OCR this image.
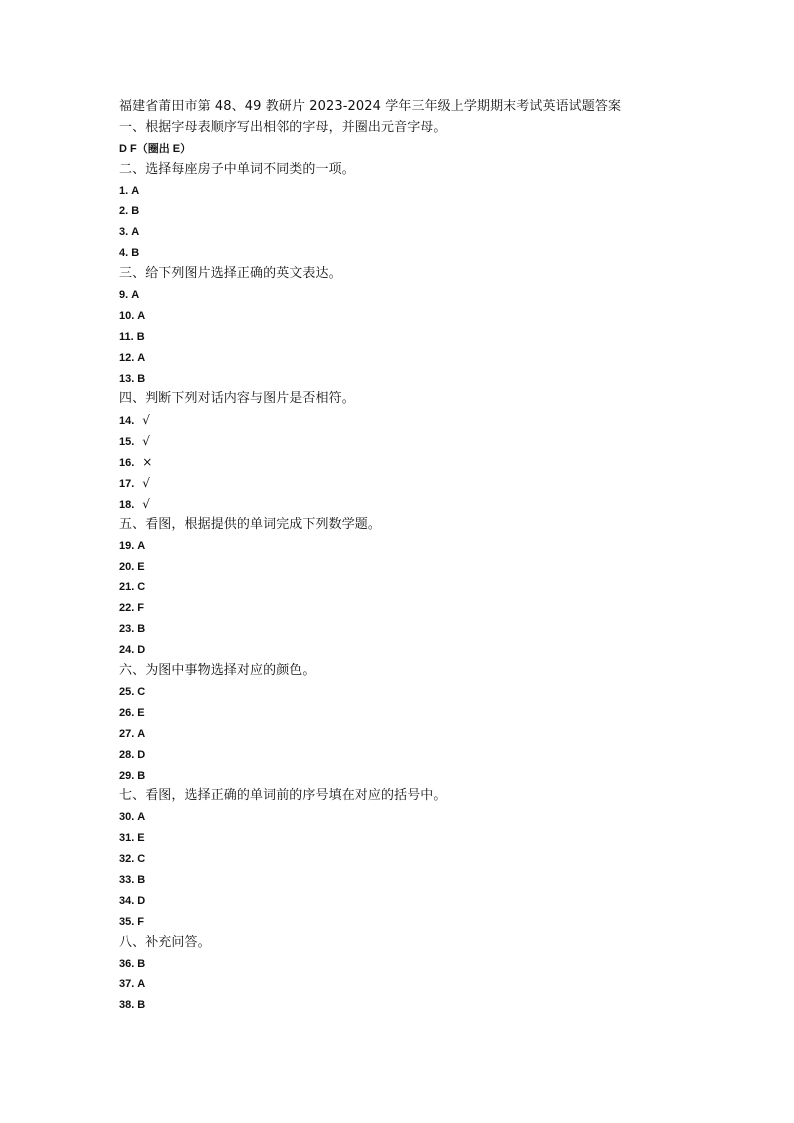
福建省莆田市第 48、49 教研片 2023-2024 学年三年级上学期期末考试英语试题答案
一、根据字母表顺序写出相邻的字母，并圈出元音字母。
D F（圈出 E）
二、选择每座房子中单词不同类的一项。
1. A
2. B
3. A
4. B
三、给下列图片选择正确的英文表达。
9. A
10. A
11. B
12. A
13. B
四、判断下列对话内容与图片是否相符。
14. √
15. √
16. ×
17. √
18. √
五、看图，根据提供的单词完成下列数学题。
19. A
20. E
21. C
22. F
23. B
24. D
六、为图中事物选择对应的颜色。
25. C
26. E
27. A
28. D
29. B
七、看图，选择正确的单词前的序号填在对应的括号中。
30. A
31. E
32. C
33. B
34. D
35. F
八、补充问答。
36. B
37. A
38. B
